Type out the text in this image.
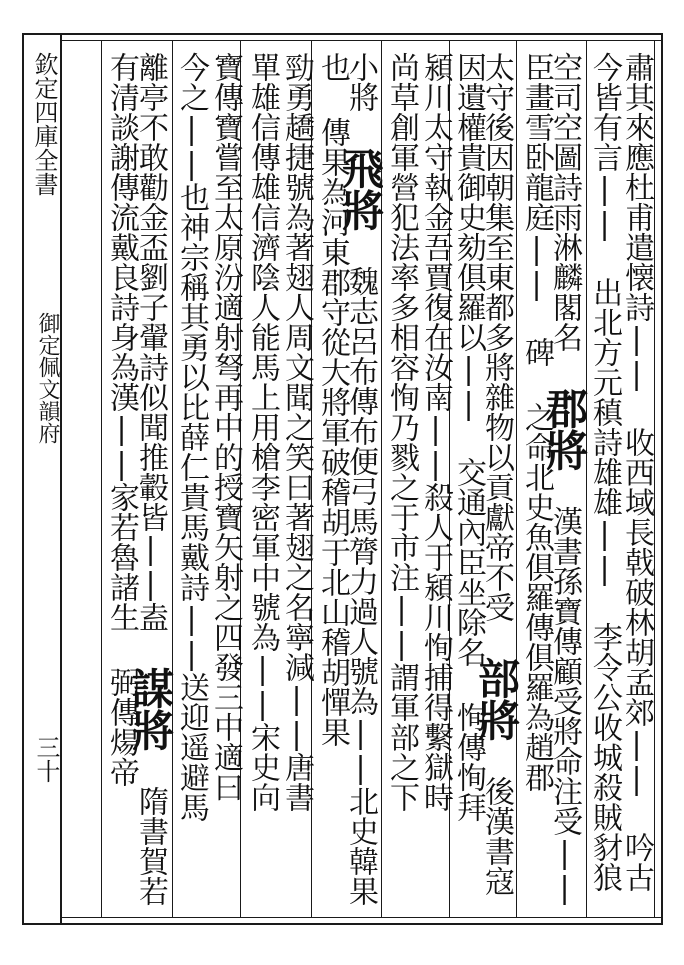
欽定四庫全書
御定佩文韻府
三十	肅其來應杜甫遣懐詩|| 收西域長戟破林胡孟郊|| 吟古
今皆有言|| 出北方元稹詩雄雄|| 李令公收城殺賊豺狼
空司空圖詩雨淋麟閣名 郡將 漢書孫寶傳顧受將命注受||
臣畫雪卧龍庭|| 碑 之命北史魚俱羅傳俱羅為趙郡
太守後因朝集至東都多將雜物以貢獻帝不受 部將 後漢書寇
因遺權貴御史劾俱羅以|| 交通內臣坐除名 恂傳恂拜
潁川太守執金吾賈復在汝南||殺人于潁川恂捕得繫獄時
尚草創軍營犯法率多相容恂乃戮之于市注||謂軍部之下
小將 飛將 魏志呂布傳布便弓馬膂力過人號為||北史韓果
也 傳果為河東郡守從大將軍破稽胡于北山稽胡憚果
勁勇趫捷號為著翅人周文聞之笑曰著翅之名寧減||唐書
單雄信傳雄信濟陰人能馬上用槍李密軍中號為||宋史向
寶傳寶嘗至太原汾適射弩再中的授寶矢射之四發三中適曰
今之||也神宗稱其勇以比薛仁貴馬戴詩||送迎遥避馬
離亭不敢勸金盃劉子翬詩似聞推轂皆||盍 謀將 隋書賀若
有清談謝傳流戴良詩身為漢||家若魯諸生 弼傳煬帝
